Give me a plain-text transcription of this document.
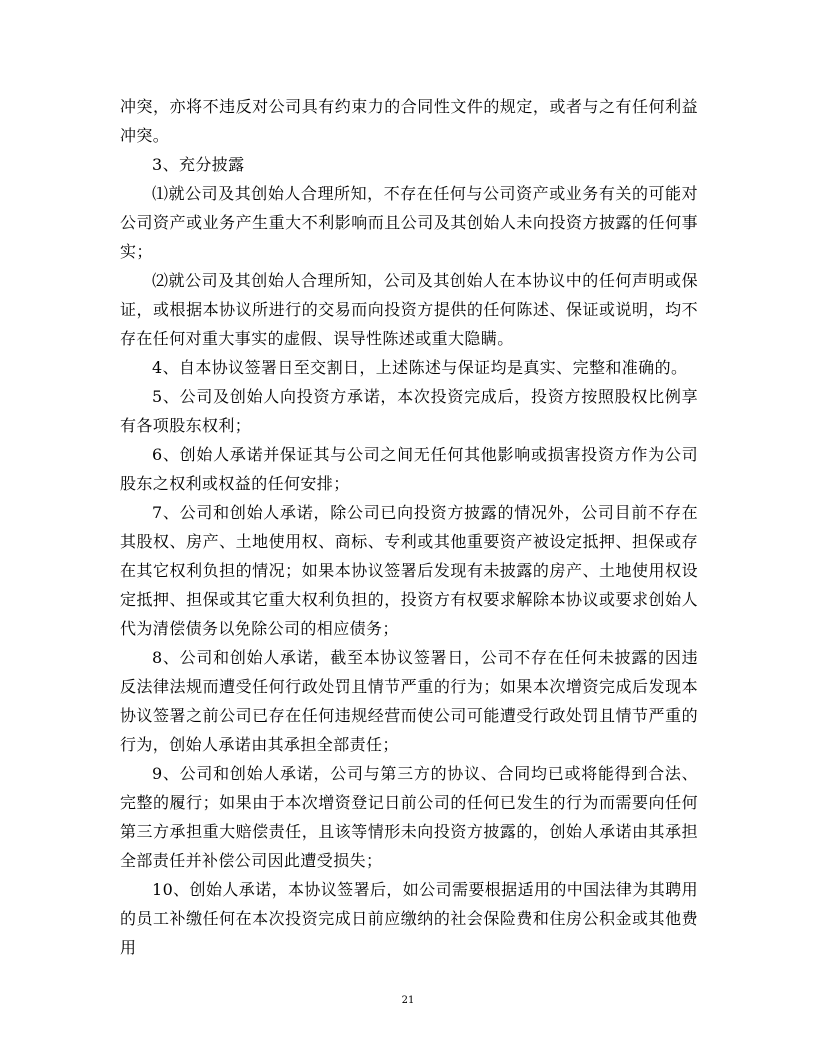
冲突，亦将不违反对公司具有约束力的合同性文件的规定，或者与之有任何利益冲突。

3、充分披露

⑴就公司及其创始人合理所知，不存在任何与公司资产或业务有关的可能对公司资产或业务产生重大不利影响而且公司及其创始人未向投资方披露的任何事实；

⑵就公司及其创始人合理所知，公司及其创始人在本协议中的任何声明或保证，或根据本协议所进行的交易而向投资方提供的任何陈述、保证或说明，均不存在任何对重大事实的虚假、误导性陈述或重大隐瞒。

4、自本协议签署日至交割日，上述陈述与保证均是真实、完整和准确的。

5、公司及创始人向投资方承诺，本次投资完成后，投资方按照股权比例享有各项股东权利；

6、创始人承诺并保证其与公司之间无任何其他影响或损害投资方作为公司股东之权利或权益的任何安排；

7、公司和创始人承诺，除公司已向投资方披露的情况外，公司目前不存在其股权、房产、土地使用权、商标、专利或其他重要资产被设定抵押、担保或存在其它权利负担的情况；如果本协议签署后发现有未披露的房产、土地使用权设定抵押、担保或其它重大权利负担的，投资方有权要求解除本协议或要求创始人代为清偿债务以免除公司的相应债务；

8、公司和创始人承诺，截至本协议签署日，公司不存在任何未披露的因违反法律法规而遭受任何行政处罚且情节严重的行为；如果本次增资完成后发现本协议签署之前公司已存在任何违规经营而使公司可能遭受行政处罚且情节严重的行为，创始人承诺由其承担全部责任；

9、公司和创始人承诺，公司与第三方的协议、合同均已或将能得到合法、完整的履行；如果由于本次增资登记日前公司的任何已发生的行为而需要向任何第三方承担重大赔偿责任，且该等情形未向投资方披露的，创始人承诺由其承担全部责任并补偿公司因此遭受损失；

10、创始人承诺，本协议签署后，如公司需要根据适用的中国法律为其聘用的员工补缴任何在本次投资完成日前应缴纳的社会保险费和住房公积金或其他费用

21
